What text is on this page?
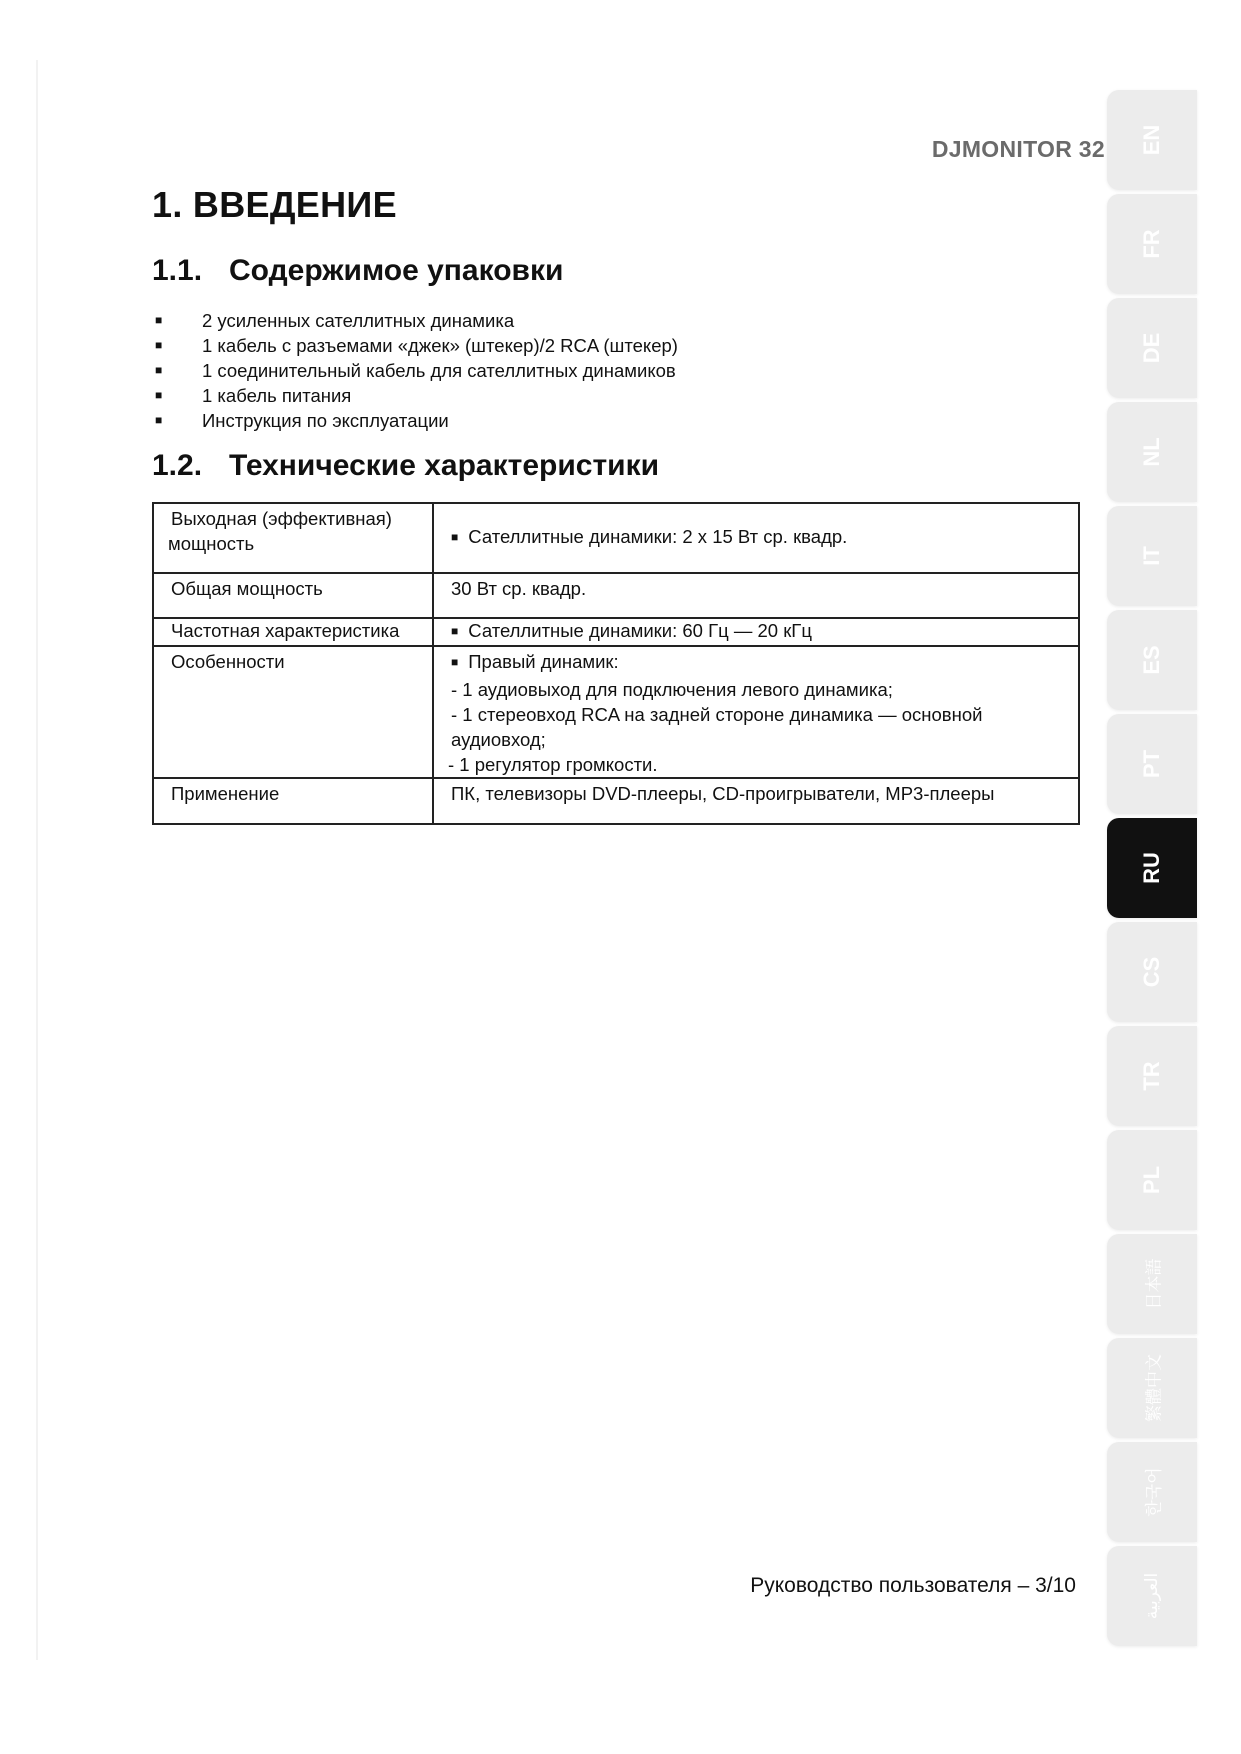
DJMONITOR 32
1. ВВЕДЕНИЕ
1.1. Содержимое упаковки
■ 2 усиленных сателлитных динамика
■ 1 кабель с разъемами «джек» (штекер)/2 RCA (штекер)
■ 1 соединительный кабель для сателлитных динамиков
■ 1 кабель питания
■ Инструкция по эксплуатации
1.2. Технические характеристики
Выходная (эффективная)
мощность	■ Сателлитные динамики: 2 x 15 Вт ср. квадр.
Общая мощность	30 Вт ср. квадр.
Частотная характеристика	■ Сателлитные динамики: 60 Гц — 20 кГц
Особенности	■ Правый динамик:
- 1 аудиовыход для подключения левого динамика;
- 1 стереовход RCA на задней стороне динамика — основной аудиовход;
- 1 регулятор громкости.

Применение	ПК, телевизоры DVD-плееры, CD-проигрыватели, MP3-плееры
Руководство пользователя – 3/10
EN
FR
DE
NL
IT
ES
PT
RU
CS
TR
PL
日本語
繁體中文
한국어
العربية
